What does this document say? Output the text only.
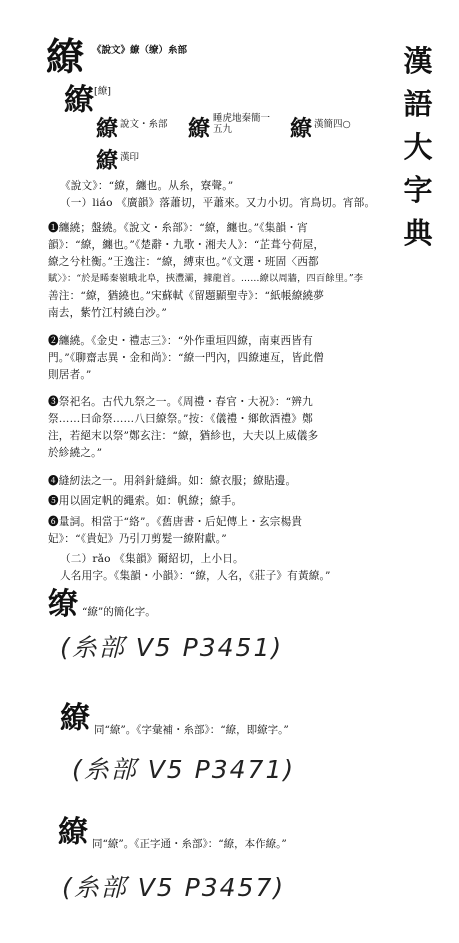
漢
語
大
字
典
繚 《說文》繚（缭）糸部
繚 [繚]
繚 說文・糸部 繚 睡虎地秦簡一五九	繚 漢簡四○
繚 漢印
《說文》：“繚，纏也。从糸，寮聲。”
（一）liáo 《廣韻》落蕭切，平蕭來。又力小切。宵鳥切。宵部。
❶纏繞；盤繞。《說文・糸部》：“繚，纏也。”《集韻・宵
韻》：“繚，纏也。”《楚辭・九歌・湘夫人》：“芷葺兮荷屋，
繚之兮杜衡。”王逸注：“繚，縛束也。”《文選・班固〈西都
賦〉》：“於是睎秦嶺睋北阜，挾灃灞，據龍首。……繚以周牆，四百餘里。”李
善注：“繚，猶繞也。”宋蘇軾《留題顯聖寺》：“紙帳繚繞夢
南去，紫竹江村繞白沙。”
❷纏繞。《金史・禮志三》：“外作重垣四繚，南東西皆有
門。”《聊齋志異・金和尚》：“繚一門內，四繚連亙，皆此僧
則居者。”
❸祭祀名。古代九祭之一。《周禮・春官・大祝》：“辨九
祭……曰命祭……八曰繚祭。”按：《儀禮・鄉飲酒禮》鄭
注，若絕末以祭”鄭玄注：“繚，猶紾也，大夫以上威儀多
於紾繞之。”
❹縫紉法之一。用斜針縫緝。如：繚衣服；繚貼邊。
❺用以固定帆的繩索。如：帆繚；繚手。
❻量詞。相當于“絡”。《舊唐書・后妃傳上・玄宗楊貴
妃》：“《貴妃》乃引刀剪髮一繚附獻。”
（二）rǎo 《集韻》爾紹切，上小日。
人名用字。《集韻・小韻》：“繚，人名，《莊子》有黃繚。”
缭 “繚”的簡化字。
(糸部 V5 P3451)
繚 同“繚”。《字彙補・糸部》：“繚，即繚字。”
(糸部 V5 P3471)
繚 同“繚”。《正字通・糸部》：“繚，本作繚。”
(糸部 V5 P3457)
